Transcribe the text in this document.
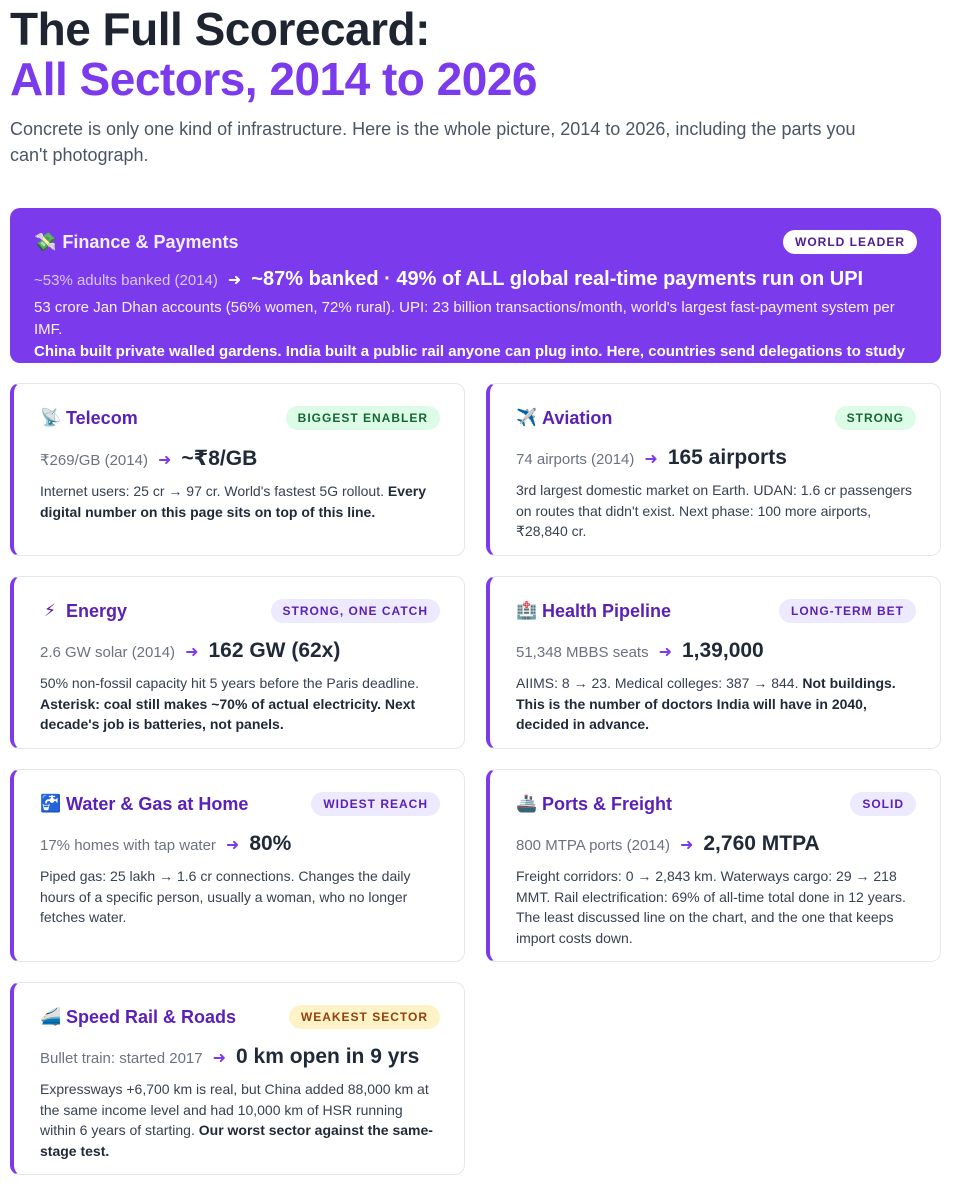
The Full Scorecard:
All Sectors, 2014 to 2026

Concrete is only one kind of infrastructure. Here is the whole picture, 2014 to 2026, including the parts you can't photograph.

💸 Finance & Payments	WORLD LEADER
~53% adults banked (2014) ➜ ~87% banked · 49% of ALL global real-time payments run on UPI

53 crore Jan Dhan accounts (56% women, 72% rural). UPI: 23 billion transactions/month, world's largest fast-payment system per IMF.
China built private walled gardens. India built a public rail anyone can plug into. Here, countries send delegations to study US.

📡 Telecom	BIGGEST ENABLER
₹269/GB (2014) ➜ ~₹8/GB

Internet users: 25 cr → 97 cr. World's fastest 5G rollout. Every digital number on this page sits on top of this line.

✈️ Aviation	STRONG
74 airports (2014) ➜ 165 airports

3rd largest domestic market on Earth. UDAN: 1.6 cr passengers on routes that didn't exist. Next phase: 100 more airports, ₹28,840 cr.

⚡ Energy	STRONG, ONE CATCH
2.6 GW solar (2014) ➜ 162 GW (62x)

50% non-fossil capacity hit 5 years before the Paris deadline. Asterisk: coal still makes ~70% of actual electricity. Next decade's job is batteries, not panels.

🏥 Health Pipeline	LONG-TERM BET
51,348 MBBS seats ➜ 1,39,000

AIIMS: 8 → 23. Medical colleges: 387 → 844. Not buildings. This is the number of doctors India will have in 2040, decided in advance.

🚰 Water & Gas at Home	WIDEST REACH
17% homes with tap water ➜ 80%

Piped gas: 25 lakh → 1.6 cr connections. Changes the daily hours of a specific person, usually a woman, who no longer fetches water.

🚢 Ports & Freight	SOLID
800 MTPA ports (2014) ➜ 2,760 MTPA

Freight corridors: 0 → 2,843 km. Waterways cargo: 29 → 218 MMT. Rail electrification: 69% of all-time total done in 12 years. The least discussed line on the chart, and the one that keeps import costs down.

🚄 Speed Rail & Roads	WEAKEST SECTOR
Bullet train: started 2017 ➜ 0 km open in 9 yrs

Expressways +6,700 km is real, but China added 88,000 km at the same income level and had 10,000 km of HSR running within 6 years of starting. Our worst sector against the same-stage test.
